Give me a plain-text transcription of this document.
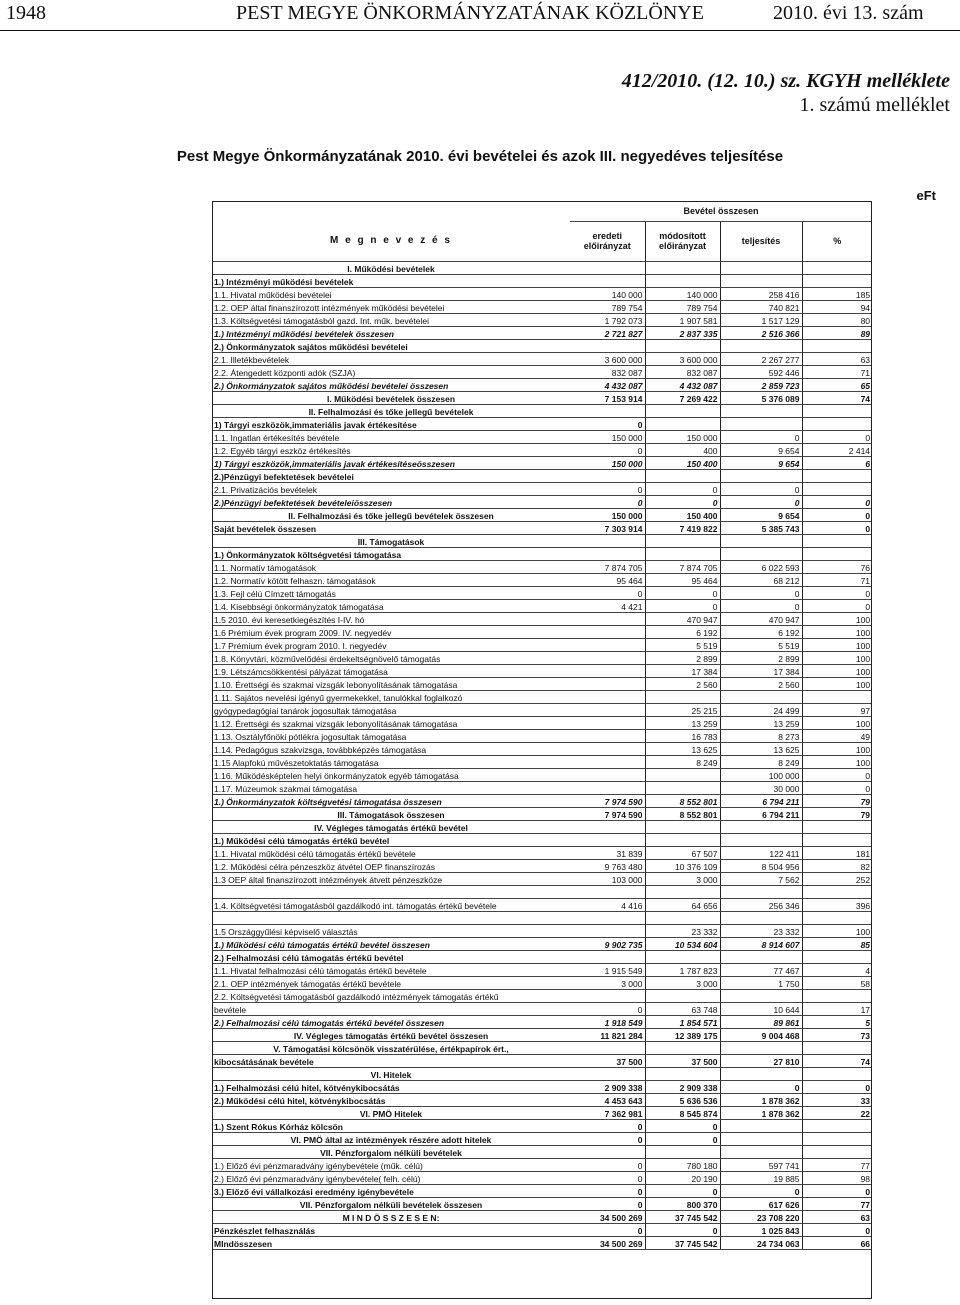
1948	PEST MEGYE ÖNKORMÁNYZATÁNAK KÖZLÖNYE	2010. évi 13. szám
412/2010. (12. 10.) sz. KGYH melléklete
1. számú melléklet
Pest Megye Önkormányzatának 2010. évi bevételei és azok III. negyedéves teljesítése
eFt
	Bevétel összesen			
M e g n e v e z é s	eredeti előirányzat	módosított előirányzat	teljesítés	%
I. Működési bevételek				
1.) Intézményi működési bevételek				
1.1. Hivatal működési bevételei	140 000	140 000	258 416	185
1.2. OEP által finanszírozott intézmények működési bevételei	789 754	789 754	740 821	94
1.3. Költségvetési támogatásból gazd. Int. műk. bevételei	1 792 073	1 907 581	1 517 129	80
1.) Intézményi működési bevételek összesen	2 721 827	2 837 335	2 516 366	89
2.) Önkormányzatok sajátos működési bevételei				
2.1. Illetékbevételek	3 600 000	3 600 000	2 267 277	63
2.2. Átengedett központi adók (SZJA)	832 087	832 087	592 446	71
2.) Önkormányzatok sajátos működési bevételei összesen	4 432 087	4 432 087	2 859 723	65
I. Működési bevételek összesen	7 153 914	7 269 422	5 376 089	74
II. Felhalmozási és tőke jellegű bevételek				
1) Tárgyi eszközök,immateriális javak értékesítése	0			
1.1. Ingatlan értékesítés bevétele	150 000	150 000	0	0
1.2. Egyéb tárgyi eszköz értékesítés	0	400	9 654	2 414
1) Tárgyi eszközök,immateriális javak értékesítéseösszesen	150 000	150 400	9 654	6
2.)Pénzügyi befektetések bevételei				
2.1. Privatizációs bevételek	0	0	0	
2.)Pénzügyi befektetések bevételeiösszesen	0	0	0	0
II. Felhalmozási és tőke jellegű bevételek összesen	150 000	150 400	9 654	0
Saját bevételek összesen	7 303 914	7 419 822	5 385 743	0
III. Támogatások				
1.) Önkormányzatok költségvetési támogatása				
1.1. Normatív támogatások	7 874 705	7 874 705	6 022 593	76
1.2. Normatív kötött felhaszn. támogatások	95 464	95 464	68 212	71
1.3. Fejl célú Címzett támogatás	0	0	0	0
1.4. Kisebbségi önkormányzatok támogatása	4 421	0	0	0
1.5 2010. évi keresetkiegészítés I-IV. hó		470 947	470 947	100
1.6 Prémium évek program 2009. IV. negyedév		6 192	6 192	100
1.7 Prémium évek program 2010. I. negyedév		5 519	5 519	100
1.8. Könyvtári, közművelődési érdekeltségnövelő támogatás		2 899	2 899	100
1.9. Létszámcsökkentési pályázat támogatása		17 384	17 384	100
1.10. Érettségi és szakmai vizsgák lebonyolításának támogatása		2 560	2 560	100
1.11. Sajátos nevelési igényű gyermekekkel, tanulókkal foglalkozó				
gyógypedagógiai tanárok jogosultak támogatása		25 215	24 499	97
1.12. Érettségi és szakmai vizsgák lebonyolításának támogatása		13 259	13 259	100
1.13. Osztályfőnöki pótlékra jogosultak támogatása		16 783	8 273	49
1.14. Pedagógus szakvizsga, továbbképzés támogatása		13 625	13 625	100
1.15 Alapfokú művészetoktatás támogatása		8 249	8 249	100
1.16. Működésképtelen helyi önkormányzatok egyéb támogatása			100 000	0
1.17. Múzeumok szakmai támogatása			30 000	0
1.) Önkormányzatok költségvetési támogatása összesen	7 974 590	8 552 801	6 794 211	79
III. Támogatások összesen	7 974 590	8 552 801	6 794 211	79
IV. Végleges támogatás értékű bevétel				
1.) Működési célú támogatás értékű bevétel				
1.1. Hivatal működési célú támogatás értékű bevétele	31 839	67 507	122 411	181
1.2. Működési célra pénzeszköz átvétel OEP finanszírozás	9 763 480	10 376 109	8 504 956	82
1.3 OEP által finanszírozott intézmények átvett pénzeszköze	103 000	3 000	7 562	252

1.4. Költségvetési támogatásból gazdálkodó int. támogatás értékű bevétele	4 416	64 656	256 346	396

1.5 Országgyűlési képviselő választás		23 332	23 332	100
1.) Működési célú támogatás értékű bevétel összesen	9 902 735	10 534 604	8 914 607	85
2.) Felhalmozási célú támogatás értékű bevétel				
1.1. Hivatal felhalmozási célú támogatás értékű bevétele	1 915 549	1 787 823	77 467	4
2.1. OEP intézmények támogatás értékű bevétele	3 000	3 000	1 750	58
2.2. Költségvetési támogatásból gazdálkodó intézmények támogatás értékű				
bevétele	0	63 748	10 644	17
2.) Felhalmozási célú támogatás értékű bevétel összesen	1 918 549	1 854 571	89 861	5
IV. Végleges támogatás értékű bevétel összesen	11 821 284	12 389 175	9 004 468	73
V. Támogatási kölcsönök visszatérülése, értékpapírok ért.,				
kibocsátásának bevétele	37 500	37 500	27 810	74
VI. Hitelek				
1.) Felhalmozási célú hitel, kötvénykibocsátás	2 909 338	2 909 338	0	0
2.) Működési célú hitel, kötvénykibocsátás	4 453 643	5 636 536	1 878 362	33
VI. PMÖ Hitelek	7 362 981	8 545 874	1 878 362	22
1.) Szent Rókus Kórház kölcsön	0	0		
VI. PMÖ által az intézmények részére adott hitelek	0	0		
VII. Pénzforgalom nélküli bevételek				
1.) Előző évi pénzmaradvány igénybevétele (műk. célú)	0	780 180	597 741	77
2.) Előző évi pénzmaradvány igénybevétele( felh. célú)	0	20 190	19 885	98
3.) Előző évi vállalkozási eredmény igénybevétele	0	0	0	0
VII. Pénzforgalom nélküli bevételek összesen	0	800 370	617 626	77
M I N D Ö S S Z E S E N:	34 500 269	37 745 542	23 708 220	63
Pénzkészlet felhasználás	0	0	1 025 843	0
MIndösszesen	34 500 269	37 745 542	24 734 063	66
